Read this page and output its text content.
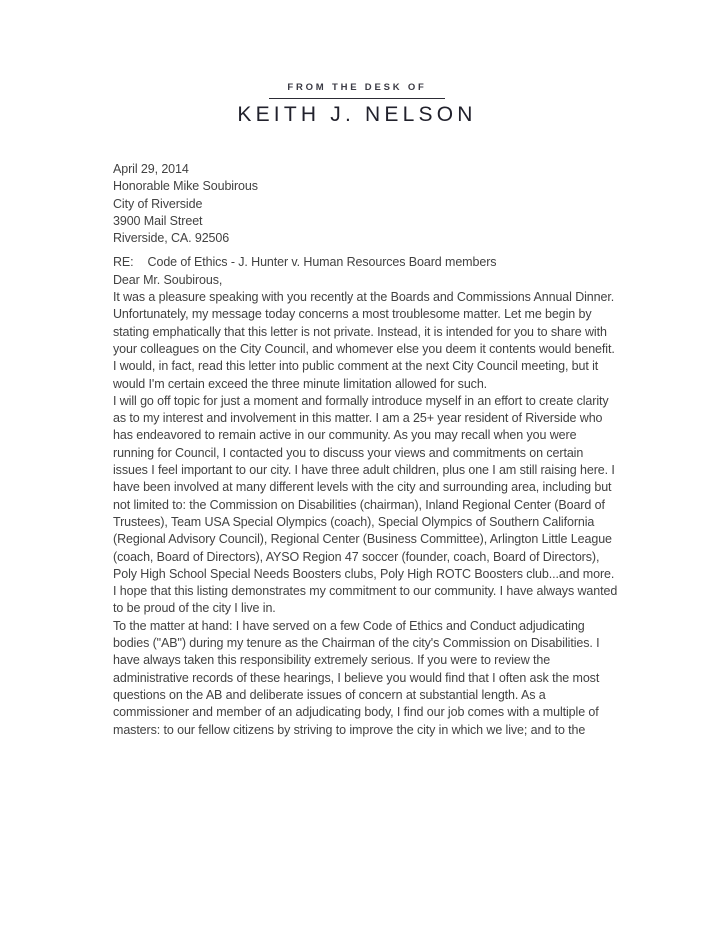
FROM THE DESK OF
KEITH J. NELSON

April 29, 2014

Honorable Mike Soubirous

City of Riverside

3900 Mail Street

Riverside, CA. 92506

RE: Code of Ethics - J. Hunter v. Human Resources Board members

Dear Mr. Soubirous,

It was a pleasure speaking with you recently at the Boards and Commissions Annual Dinner. Unfortunately, my message today concerns a most troublesome matter. Let me begin by stating emphatically that this letter is not private. Instead, it is intended for you to share with your colleagues on the City Council, and whomever else you deem it contents would benefit. I would, in fact, read this letter into public comment at the next City Council meeting, but it would I'm certain exceed the three minute limitation allowed for such.

I will go off topic for just a moment and formally introduce myself in an effort to create clarity as to my interest and involvement in this matter. I am a 25+ year resident of Riverside who has endeavored to remain active in our community. As you may recall when you were running for Council, I contacted you to discuss your views and commitments on certain issues I feel important to our city. I have three adult children, plus one I am still raising here. I have been involved at many different levels with the city and surrounding area, including but not limited to: the Commission on Disabilities (chairman), Inland Regional Center (Board of Trustees), Team USA Special Olympics (coach), Special Olympics of Southern California (Regional Advisory Council), Regional Center (Business Committee), Arlington Little League (coach, Board of Directors), AYSO Region 47 soccer (founder, coach, Board of Directors), Poly High School Special Needs Boosters clubs, Poly High ROTC Boosters club...and more. I hope that this listing demonstrates my commitment to our community. I have always wanted to be proud of the city I live in.

To the matter at hand: I have served on a few Code of Ethics and Conduct adjudicating bodies ("AB") during my tenure as the Chairman of the city's Commission on Disabilities. I have always taken this responsibility extremely serious. If you were to review the administrative records of these hearings, I believe you would find that I often ask the most questions on the AB and deliberate issues of concern at substantial length. As a commissioner and member of an adjudicating body, I find our job comes with a multiple of masters: to our fellow citizens by striving to improve the city in which we live; and to the
